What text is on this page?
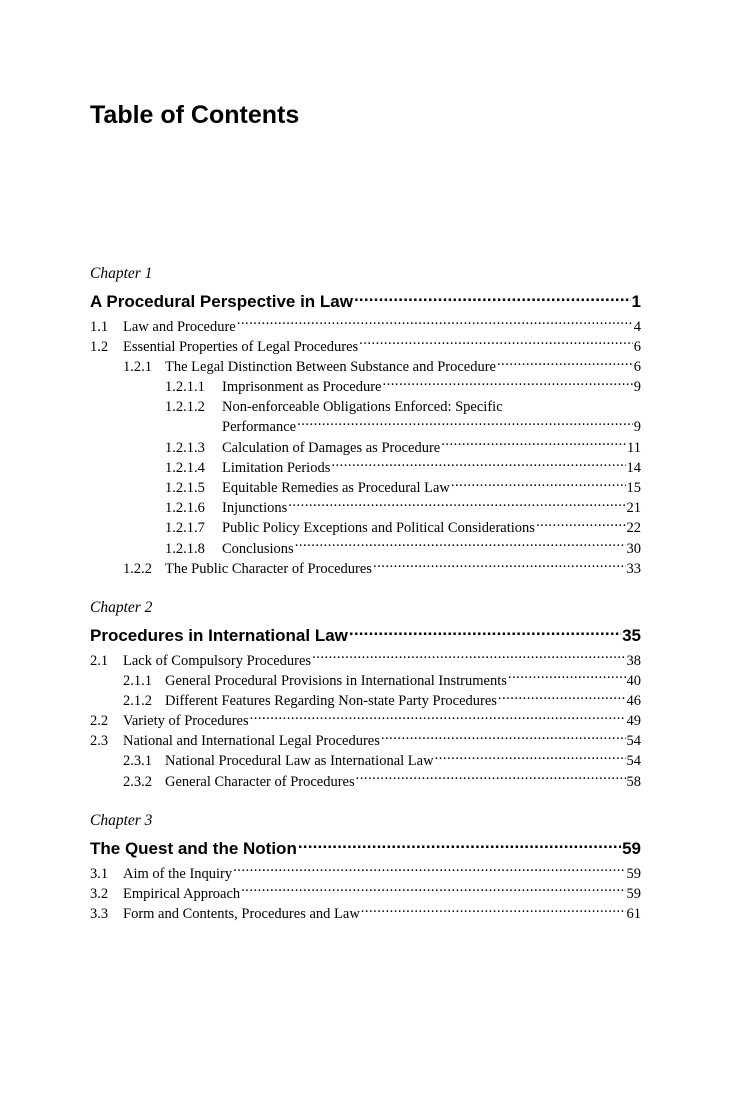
Table of Contents
Chapter 1
A Procedural Perspective in Law .....	1
1.1	Law and Procedure .....	4
1.2	Essential Properties of Legal Procedures .....	6
1.2.1 The Legal Distinction Between Substance and Procedure .....	6
1.2.1.1	Imprisonment as Procedure .....	9
1.2.1.2	Non-enforceable Obligations Enforced: Specific
Performance .....	9
1.2.1.3	Calculation of Damages as Procedure .....	11
1.2.1.4	Limitation Periods .....	14
1.2.1.5	Equitable Remedies as Procedural Law .....	15
1.2.1.6	Injunctions .....	21
1.2.1.7	Public Policy Exceptions and Political Considerations .....	22
1.2.1.8	Conclusions .....	30
1.2.2 The Public Character of Procedures .....	33
Chapter 2
Procedures in International Law .....	35
2.1	Lack of Compulsory Procedures .....	38
2.1.1 General Procedural Provisions in International Instruments .....	40
2.1.2 Different Features Regarding Non-state Party Procedures .....	46
2.2	Variety of Procedures .....	49
2.3	National and International Legal Procedures .....	54
2.3.1 National Procedural Law as International Law .....	54
2.3.2 General Character of Procedures .....	58
Chapter 3
The Quest and the Notion .....	59
3.1	Aim of the Inquiry .....	59
3.2	Empirical Approach .....	59
3.3	Form and Contents, Procedures and Law .....	61
